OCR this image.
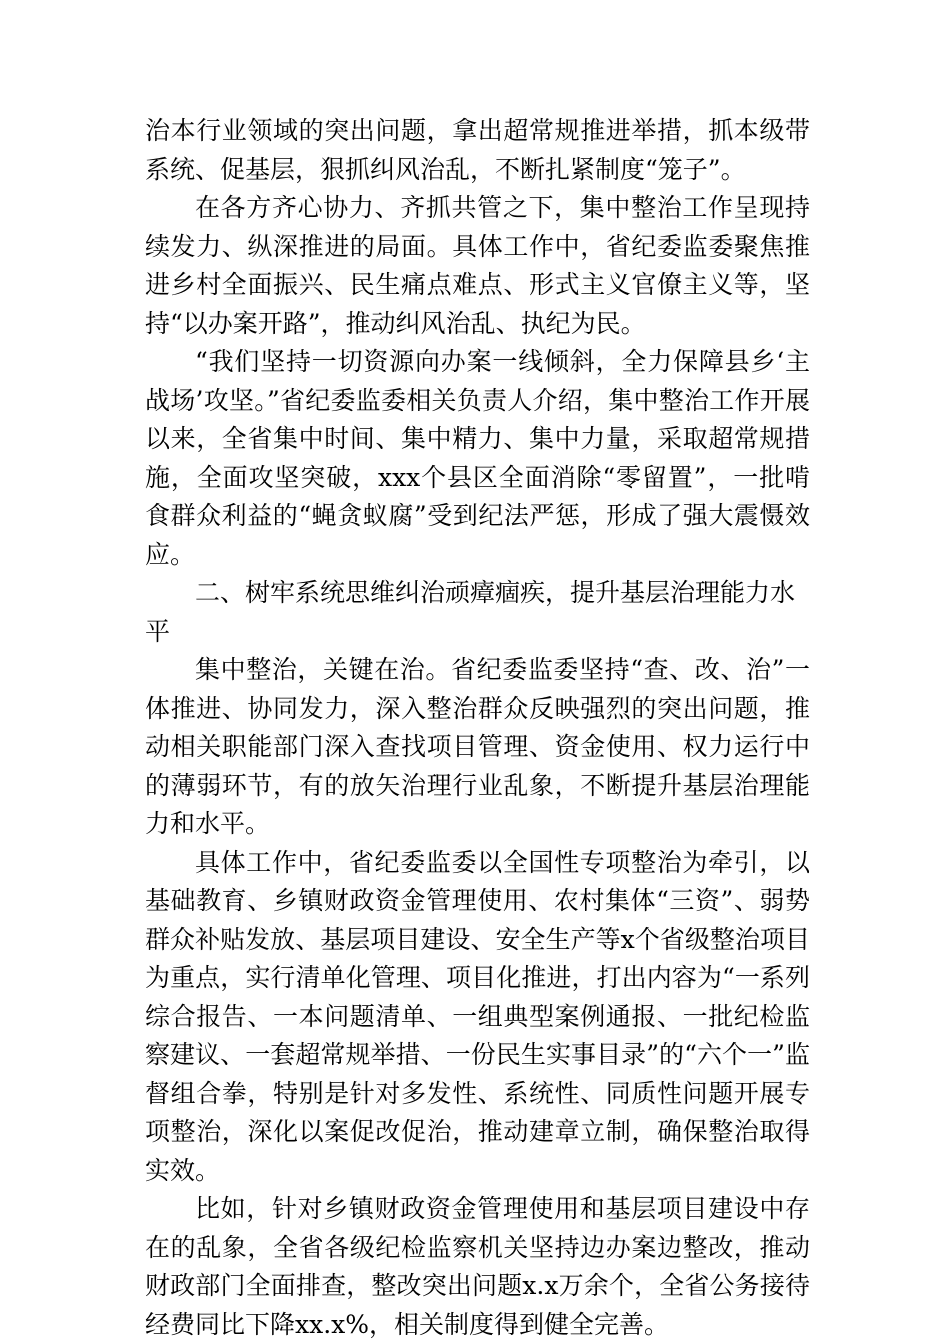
治本行业领域的突出问题，拿出超常规推进举措，抓本级带系统、促基层，狠抓纠风治乱，不断扎紧制度“笼子”。

在各方齐心协力、齐抓共管之下，集中整治工作呈现持续发力、纵深推进的局面。具体工作中，省纪委监委聚焦推进乡村全面振兴、民生痛点难点、形式主义官僚主义等，坚持“以办案开路”，推动纠风治乱、执纪为民。

“我们坚持一切资源向办案一线倾斜，全力保障县乡‘主战场’攻坚。”省纪委监委相关负责人介绍，集中整治工作开展以来，全省集中时间、集中精力、集中力量，采取超常规措施，全面攻坚突破，xxx个县区全面消除“零留置”，一批啃食群众利益的“蝇贪蚁腐”受到纪法严惩，形成了强大震慑效应。

二、树牢系统思维纠治顽瘴痼疾，提升基层治理能力水平

集中整治，关键在治。省纪委监委坚持“查、改、治”一体推进、协同发力，深入整治群众反映强烈的突出问题，推动相关职能部门深入查找项目管理、资金使用、权力运行中的薄弱环节，有的放矢治理行业乱象，不断提升基层治理能力和水平。

具体工作中，省纪委监委以全国性专项整治为牵引，以基础教育、乡镇财政资金管理使用、农村集体“三资”、弱势群众补贴发放、基层项目建设、安全生产等x个省级整治项目为重点，实行清单化管理、项目化推进，打出内容为“一系列综合报告、一本问题清单、一组典型案例通报、一批纪检监察建议、一套超常规举措、一份民生实事目录”的“六个一”监督组合拳，特别是针对多发性、系统性、同质性问题开展专项整治，深化以案促改促治，推动建章立制，确保整治取得实效。

比如，针对乡镇财政资金管理使用和基层项目建设中存在的乱象，全省各级纪检监察机关坚持边办案边整改，推动财政部门全面排查，整改突出问题x.x万余个，全省公务接待经费同比下降xx.x%，相关制度得到健全完善。
